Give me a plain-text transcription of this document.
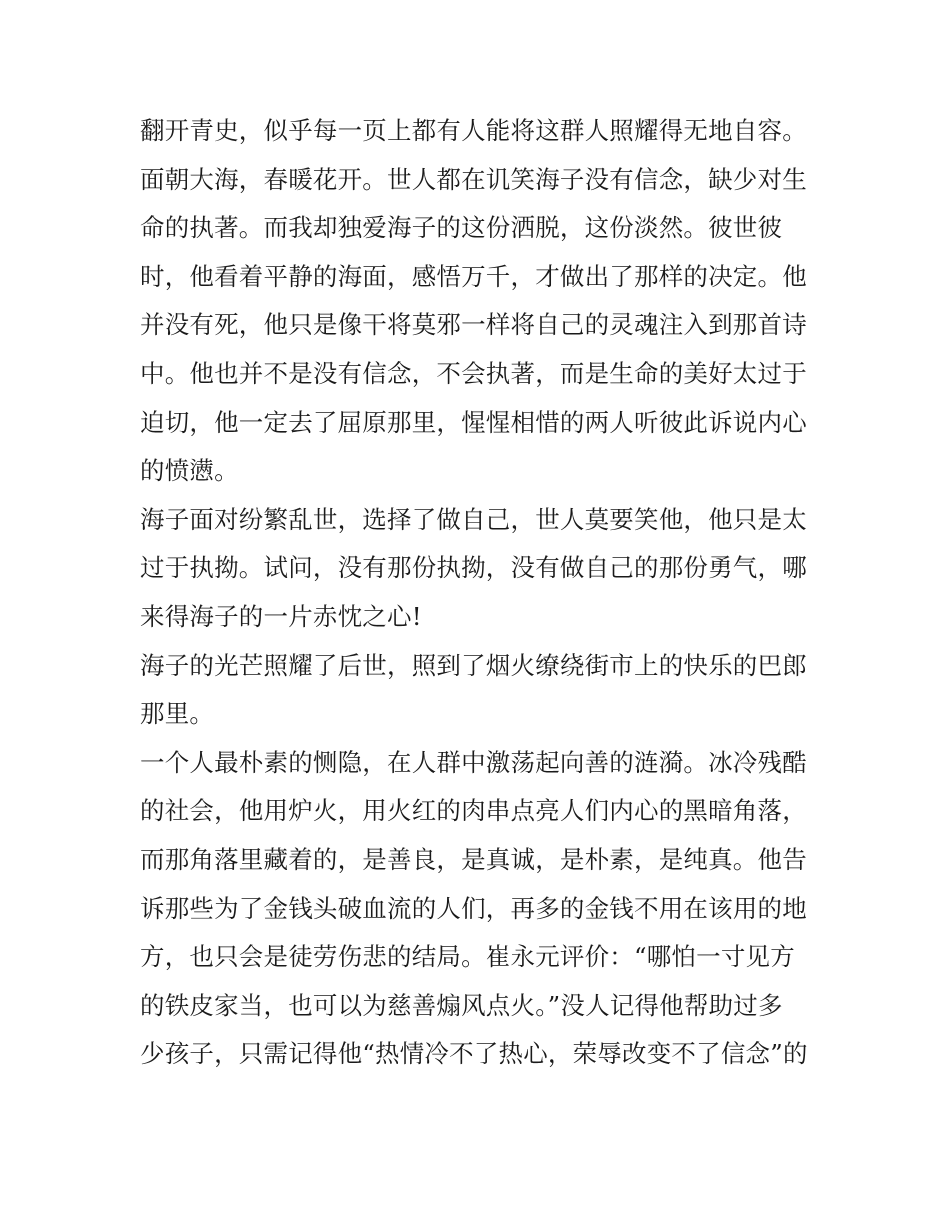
翻开青史，似乎每一页上都有人能将这群人照耀得无地自容。
面朝大海，春暖花开。世人都在讥笑海子没有信念，缺少对生
命的执著。而我却独爱海子的这份洒脱，这份淡然。彼世彼
时，他看着平静的海面，感悟万千，才做出了那样的决定。他
并没有死，他只是像干将莫邪一样将自己的灵魂注入到那首诗
中。他也并不是没有信念，不会执著，而是生命的美好太过于
迫切，他一定去了屈原那里，惺惺相惜的两人听彼此诉说内心
的愤懑。
海子面对纷繁乱世，选择了做自己，世人莫要笑他，他只是太
过于执拗。试问，没有那份执拗，没有做自己的那份勇气，哪
来得海子的一片赤忱之心!
海子的光芒照耀了后世，照到了烟火缭绕街市上的快乐的巴郎
那里。
一个人最朴素的恻隐，在人群中激荡起向善的涟漪。冰冷残酷
的社会，他用炉火，用火红的肉串点亮人们内心的黑暗角落，
而那角落里藏着的，是善良，是真诚，是朴素，是纯真。他告
诉那些为了金钱头破血流的人们，再多的金钱不用在该用的地
方，也只会是徒劳伤悲的结局。崔永元评价：“哪怕一寸见方
的铁皮家当，也可以为慈善煽风点火。”没人记得他帮助过多
少孩子，只需记得他“热情冷不了热心，荣辱改变不了信念”的
